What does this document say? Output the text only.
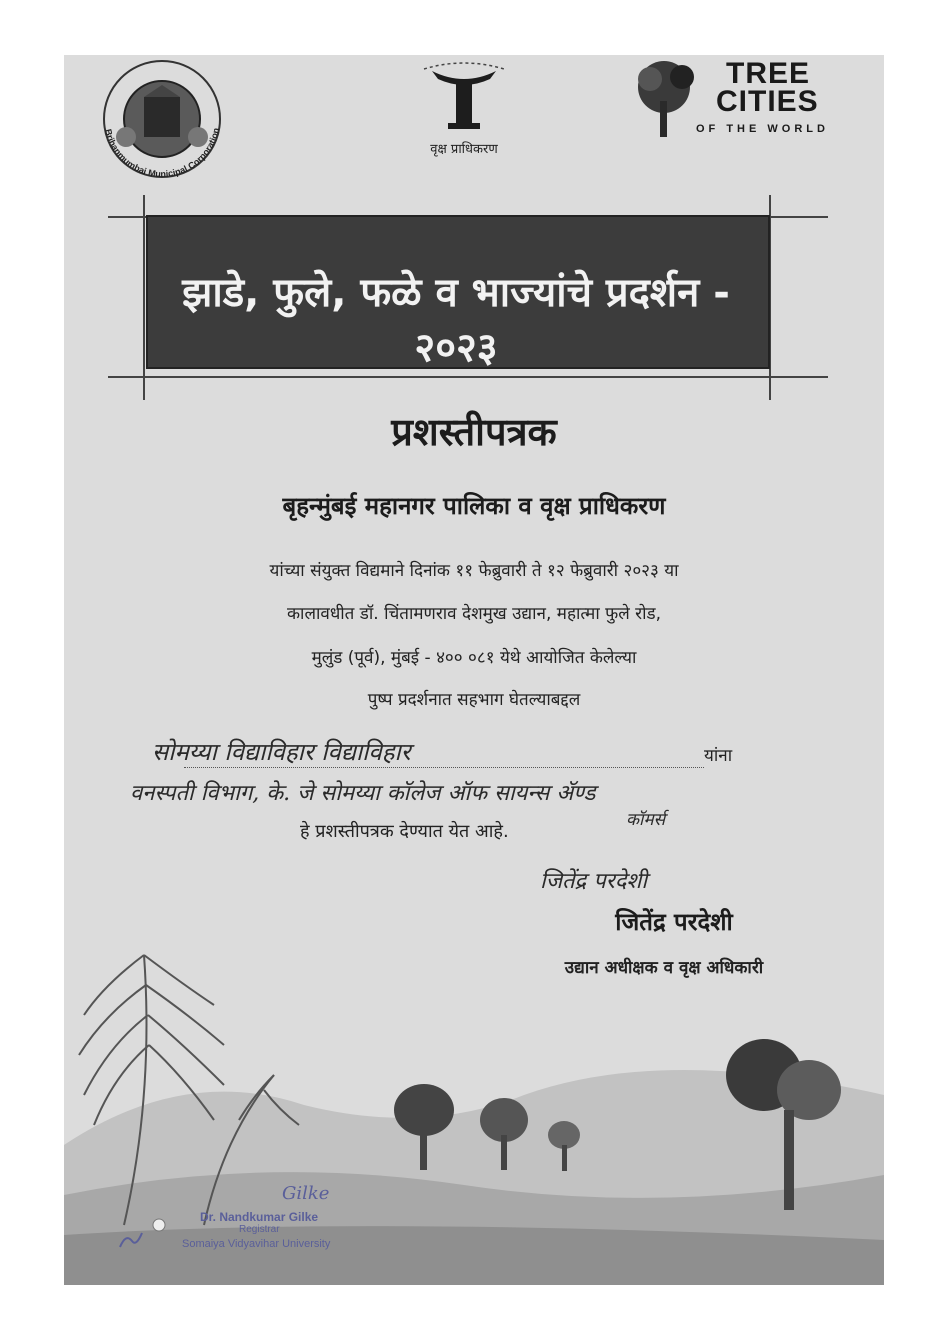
Brihanmumbai Municipal Corporation
वृक्ष प्राधिकरण
TREE
CITIES
OF THE WORLD
झाडे, फुले, फळे व भाज्यांचे प्रदर्शन - २०२३
प्रशस्तीपत्रक
बृहन्मुंबई महानगर पालिका व वृक्ष प्राधिकरण
यांच्या संयुक्त विद्यमाने दिनांक ११ फेब्रुवारी ते १२ फेब्रुवारी २०२३ या
कालावधीत डॉ. चिंतामणराव देशमुख उद्यान, महात्मा फुले रोड,
मुलुंड (पूर्व), मुंबई - ४०० ०८१ येथे आयोजित केलेल्या
पुष्प प्रदर्शनात सहभाग घेतल्याबद्दल
सोमय्या विद्याविहार विद्याविहार	यांना
वनस्पती विभाग, के. जे सोमय्या कॉलेज ऑफ सायन्स ॲण्ड
हे प्रशस्तीपत्रक देण्यात येत आहे.
कॉमर्स
जितेंद्र परदेशी
जितेंद्र परदेशी
उद्यान अधीक्षक व वृक्ष अधिकारी
Gilke
Dr. Nandkumar Gilke
Registrar
Somaiya Vidyavihar University
